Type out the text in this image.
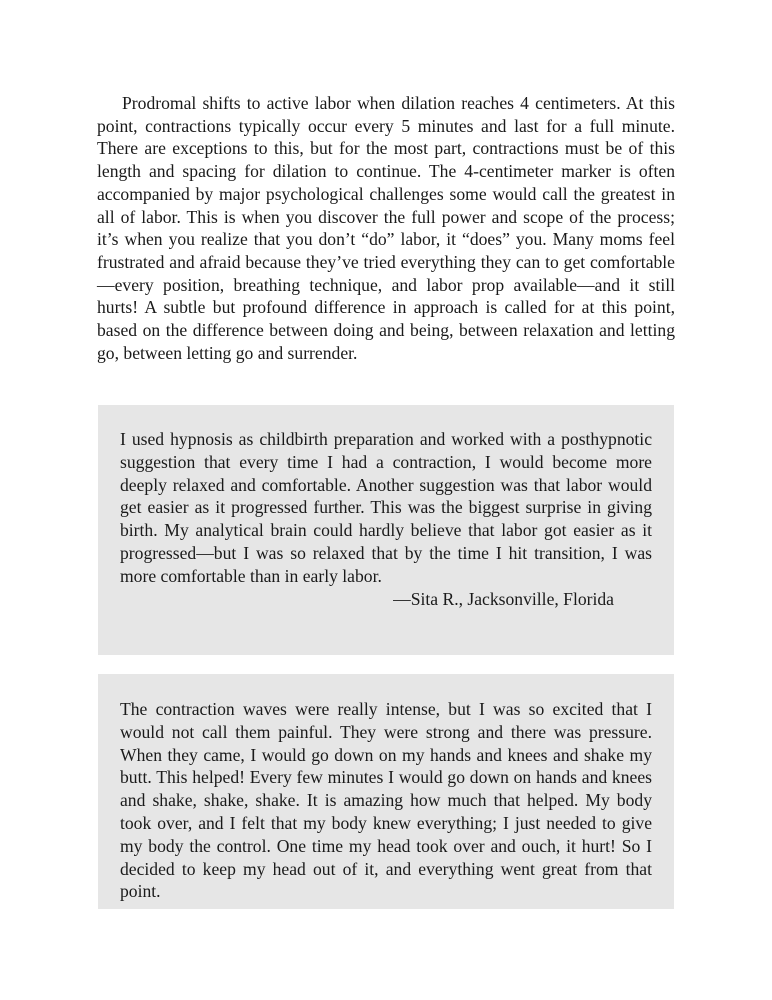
Prodromal shifts to active labor when dilation reaches 4 centimeters. At this point, contractions typically occur every 5 minutes and last for a full minute. There are exceptions to this, but for the most part, contractions must be of this length and spacing for dilation to continue. The 4-centimeter marker is often accompanied by major psychological challenges some would call the greatest in all of labor. This is when you discover the full power and scope of the process; it’s when you realize that you don’t “do” labor, it “does” you. Many moms feel frustrated and afraid because they’ve tried everything they can to get comfortable—every position, breathing technique, and labor prop available—and it still hurts! A subtle but profound difference in approach is called for at this point, based on the difference between doing and being, between relaxation and letting go, between letting go and surrender.

I used hypnosis as childbirth preparation and worked with a posthypnotic suggestion that every time I had a contraction, I would become more deeply relaxed and comfortable. Another suggestion was that labor would get easier as it progressed further. This was the biggest surprise in giving birth. My analytical brain could hardly believe that labor got easier as it progressed—but I was so relaxed that by the time I hit transition, I was more comfortable than in early labor.

—Sita R., Jacksonville, Florida

The contraction waves were really intense, but I was so excited that I would not call them painful. They were strong and there was pressure. When they came, I would go down on my hands and knees and shake my butt. This helped! Every few minutes I would go down on hands and knees and shake, shake, shake. It is amazing how much that helped. My body took over, and I felt that my body knew everything; I just needed to give my body the control. One time my head took over and ouch, it hurt! So I decided to keep my head out of it, and everything went great from that point.
